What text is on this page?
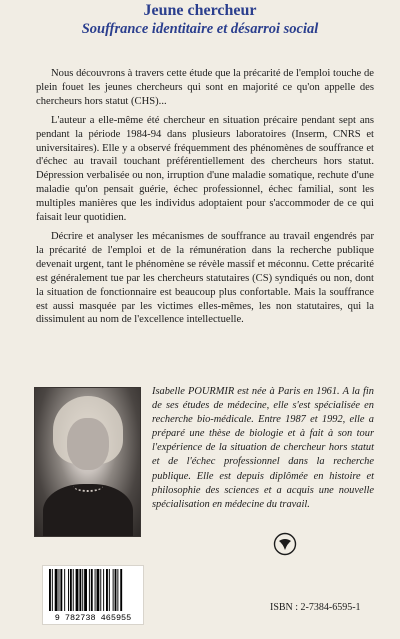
Jeune chercheur
Souffrance identitaire et désarroi social

Nous découvrons à travers cette étude que la précarité de l'emploi touche de plein fouet les jeunes chercheurs qui sont en majorité ce qu'on appelle des chercheurs hors statut (CHS)...

L'auteur a elle-même été chercheur en situation précaire pendant sept ans pendant la période 1984-94 dans plusieurs laboratoires (Inserm, CNRS et universitaires). Elle y a observé fréquemment des phénomènes de souffrance et d'échec au travail touchant préférentiellement des chercheurs hors statut. Dépression verbalisée ou non, irruption d'une maladie somatique, rechute d'une maladie qu'on pensait guérie, échec professionnel, échec familial, sont les multiples manières que les individus adoptaient pour s'accommoder de ce qui faisait leur quotidien.

Décrire et analyser les mécanismes de souffrance au travail engendrés par la précarité de l'emploi et de la rémunération dans la recherche publique devenait urgent, tant le phénomène se révèle massif et méconnu. Cette précarité est généralement tue par les chercheurs statutaires (CS) syndiqués ou non, dont la situation de fonctionnaire est beaucoup plus confortable. Mais la souffrance est aussi masquée par les victimes elles-mêmes, les non statutaires, qui la dissimulent au nom de l'excellence intellectuelle.

Isabelle POURMIR est née à Paris en 1961. A la fin de ses études de médecine, elle s'est spécialisée en recherche bio-médicale. Entre 1987 et 1992, elle a préparé une thèse de biologie et à fait à son tour l'expérience de la situation de chercheur hors statut et de l'échec professionnel dans la recherche publique. Elle est depuis diplômée en histoire et philosophie des sciences et a acquis une nouvelle spécialisation en médecine du travail.
9 782738 465955
ISBN : 2-7384-6595-1
